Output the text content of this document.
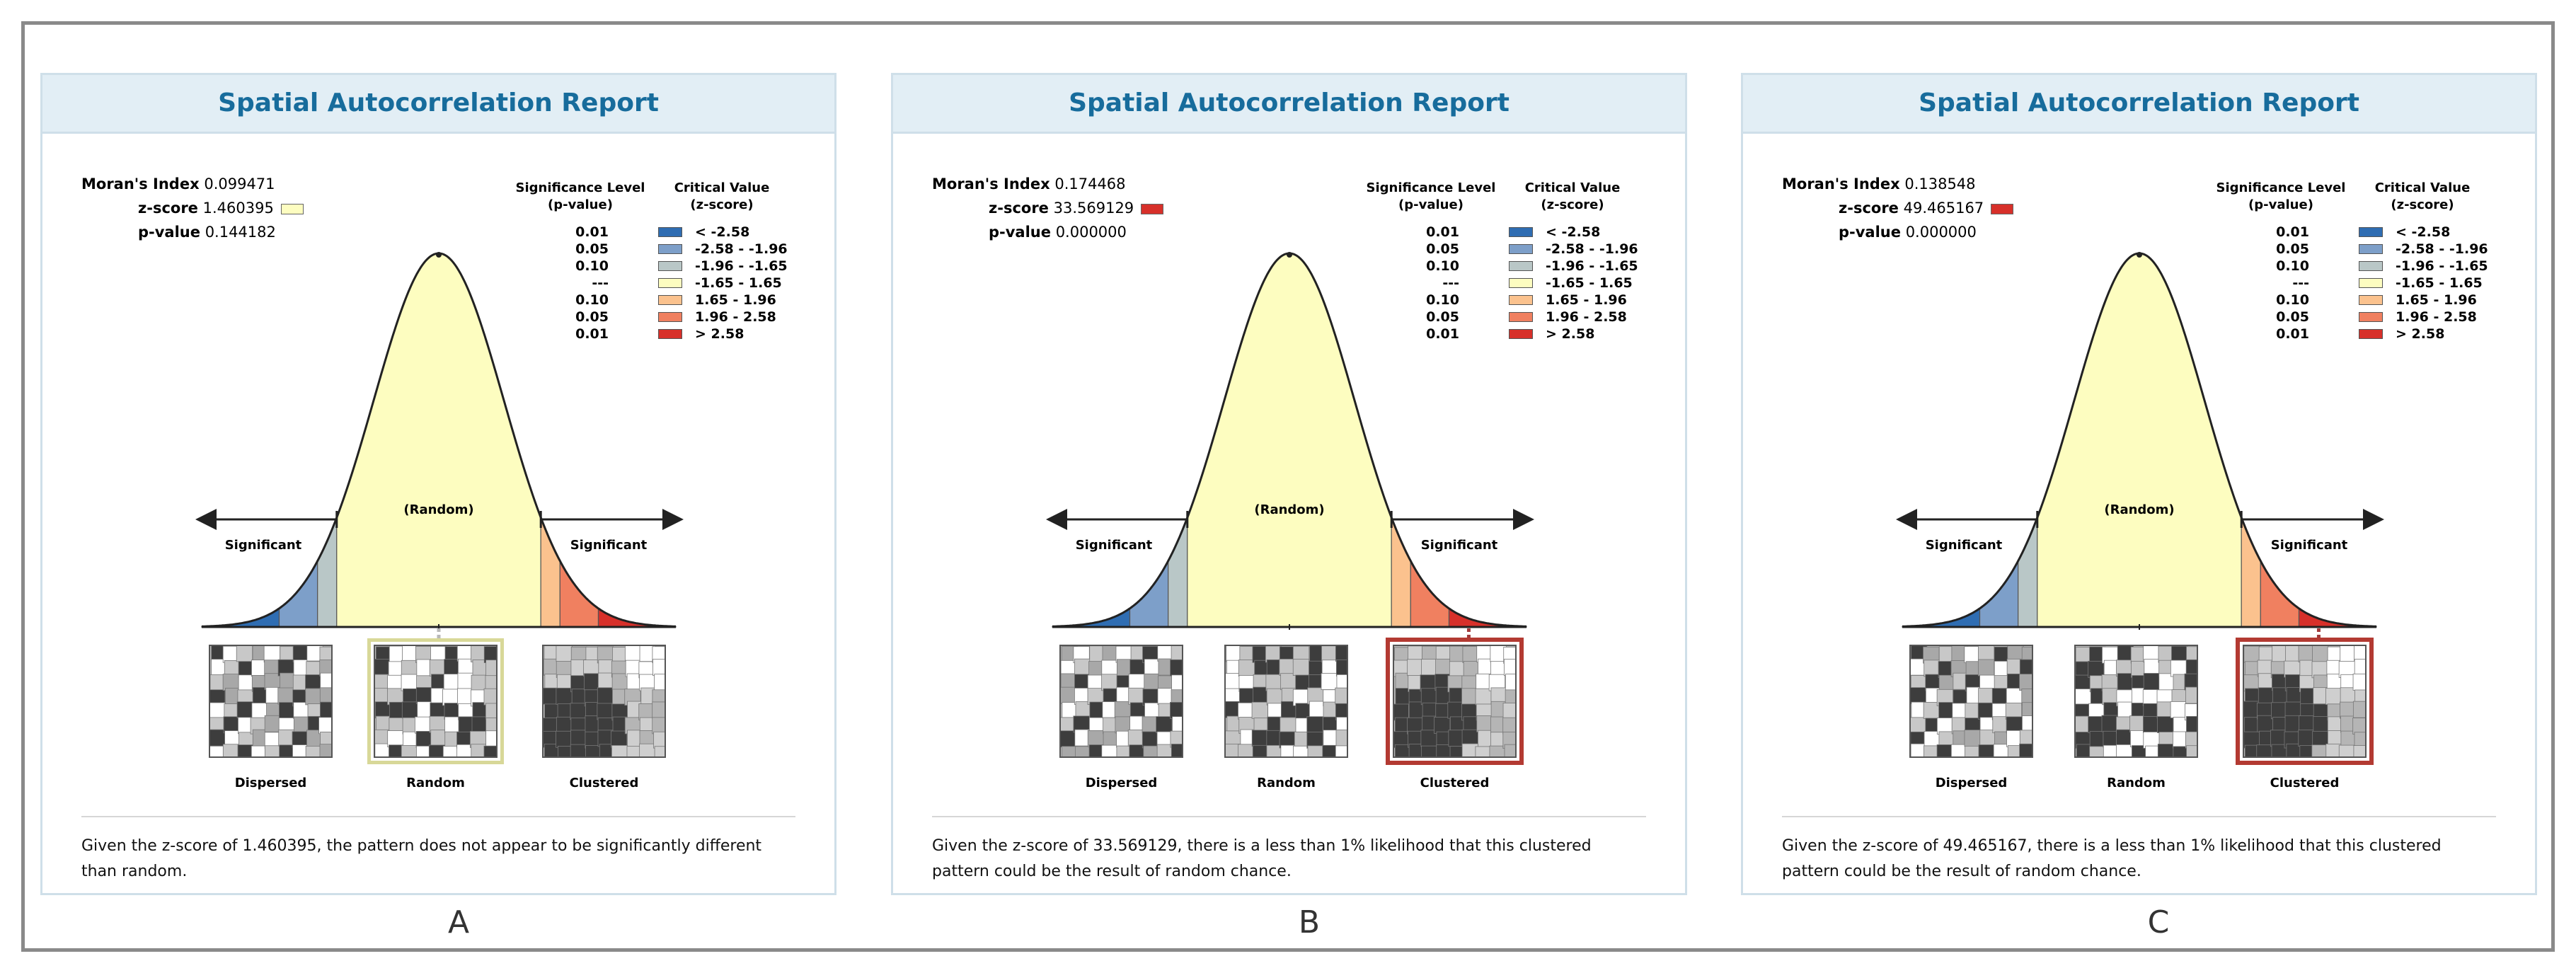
Spatial Autocorrelation Report
Moran's Index 0.099471
z-score 1.460395
p-value 0.144182
Significance Level
(p-value)
Critical Value
(z-score)
0.01	< -2.58
0.05	-2.58 - -1.96
0.10	-1.96 - -1.65
---	-1.65 - 1.65
0.10	1.65 - 1.96
0.05	1.96 - 2.58
0.01	> 2.58
Significant	Significant
(Random)
Dispersed	Random	Clustered
Given the z-score of 1.460395, the pattern does not appear to be significantly different than random.
A
Spatial Autocorrelation Report
Moran's Index 0.174468
z-score 33.569129
p-value 0.000000
Significance Level
(p-value)
Critical Value
(z-score)
0.01	< -2.58
0.05	-2.58 - -1.96
0.10	-1.96 - -1.65
---	-1.65 - 1.65
0.10	1.65 - 1.96
0.05	1.96 - 2.58
0.01	> 2.58
Significant	Significant
(Random)
Dispersed	Random	Clustered
Given the z-score of 33.569129, there is a less than 1% likelihood that this clustered pattern could be the result of random chance.
B
Spatial Autocorrelation Report
Moran's Index 0.138548
z-score 49.465167
p-value 0.000000
Significance Level
(p-value)
Critical Value
(z-score)
0.01	< -2.58
0.05	-2.58 - -1.96
0.10	-1.96 - -1.65
---	-1.65 - 1.65
0.10	1.65 - 1.96
0.05	1.96 - 2.58
0.01	> 2.58
Significant	Significant
(Random)
Dispersed	Random	Clustered
Given the z-score of 49.465167, there is a less than 1% likelihood that this clustered pattern could be the result of random chance.
C
